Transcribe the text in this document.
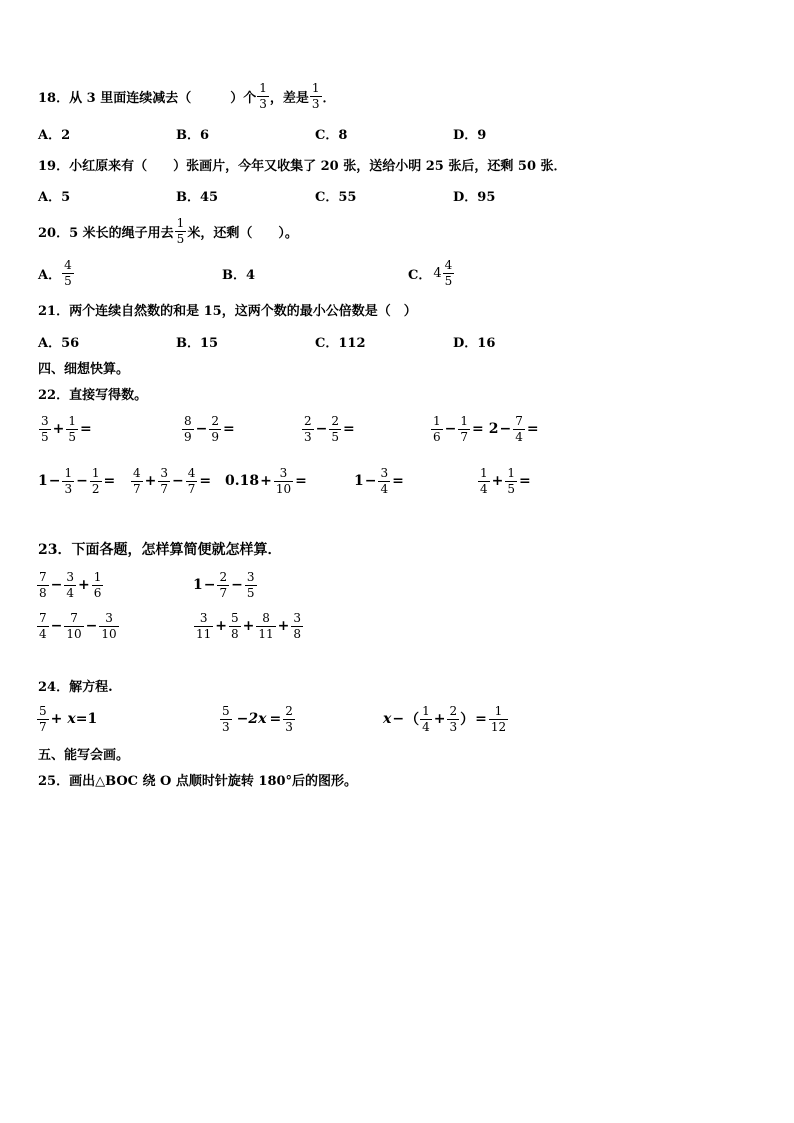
18． 从 3 里面连续减去（　　　）个 $\frac{1}{3}$ ，差是 $\frac{1}{3}$ ．
A．2	B．6	C．8	D．9
19．小红原来有（　　）张画片，今年又收集了 20 张，送给小明 25 张后，还剩 50 张．
A．5	B．45	C．55	D．95
20．5 米长的绳子用去 $\frac{1}{5}$ 米，还剩（　　）。
A． $\frac{4}{5}$	B．4	C． $4 \frac{4}{5}$
21．两个连续自然数的和是 15，这两个数的最小公倍数是（　）
A．56	B．15	C．112	D．16
四、细想快算。
22．直接写得数。
$\frac{3}{5} + \frac{1}{5}$ =	$\frac{8}{9} - \frac{2}{9}$ =	$\frac{2}{3} - \frac{2}{5}$ =	$\frac{1}{6} - \frac{1}{7} = 2 - \frac{7}{4}$ =
$1 - \frac{1}{3} - \frac{1}{2} = \frac{4}{7} + \frac{3}{7} - \frac{4}{7} = 0.18 + \frac{3}{10}$ =	$1 - \frac{3}{4}$ =	$\frac{1}{4} + \frac{1}{5}$ =
23．下面各题，怎样算简便就怎样算．
$\frac{7}{8} - \frac{3}{4} + \frac{1}{6}$	$1 - \frac{2}{7} - \frac{3}{5}$
$\frac{7}{4} - \frac{7}{10} - \frac{3}{10}$	$\frac{3}{11} + \frac{5}{8} + \frac{8}{11} + \frac{3}{8}$
24．解方程.
$\frac{5}{7} + x =1$	$\frac{5}{3} -2x = \frac{2}{3}$	x − （ $\frac{1}{4} + \frac{2}{3}$ ） = $\frac{1}{12}$
五、能写会画。
25．画出△BOC 绕 O 点顺时针旋转 180°后的图形。
